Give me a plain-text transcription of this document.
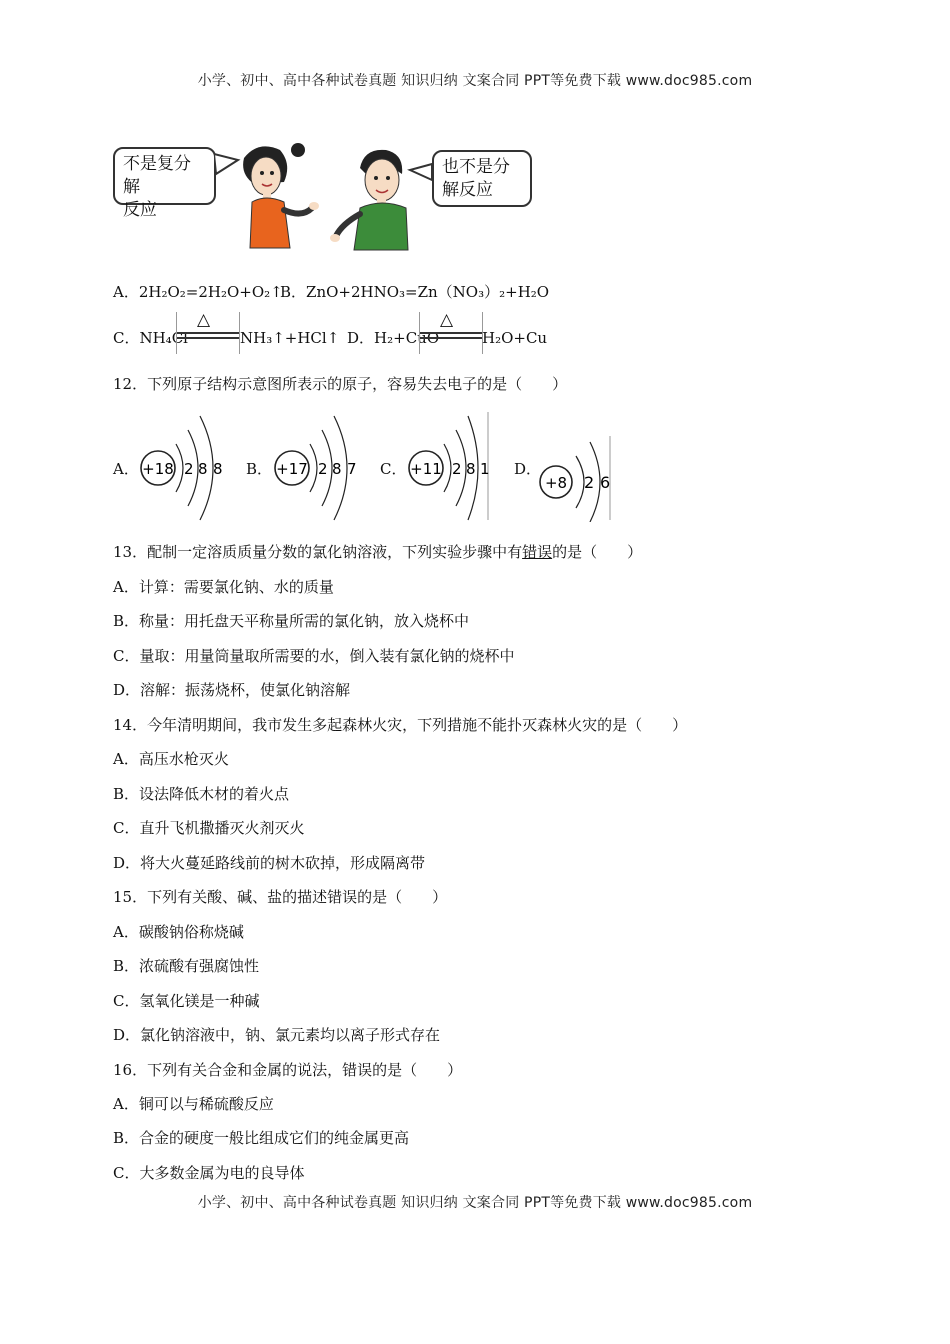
小学、初中、高中各种试卷真题 知识归纳 文案合同 PPT等免费下载 www.doc985.com
不是复分解
反应
也不是分
解反应
A．2H₂O₂=2H₂O+O₂↑
B．ZnO+2HNO₃=Zn（NO₃）₂+H₂O
C．NH₄Cl
△
NH₃↑+HCl↑ D．H₂+CuO
△
H₂O+Cu
12．下列原子结构示意图所表示的原子，容易失去电子的是（　　）
A． +18 2 8 8 B． +17 2 8 7 C． +11 2 8 1 D．
+8 2 6
13．配制一定溶质质量分数的氯化钠溶液，下列实验步骤中有错误的是（　　）
A．计算：需要氯化钠、水的质量
B．称量：用托盘天平称量所需的氯化钠，放入烧杯中
C．量取：用量筒量取所需要的水，倒入装有氯化钠的烧杯中
D．溶解：振荡烧杯，使氯化钠溶解
14．今年清明期间，我市发生多起森林火灾，下列措施不能扑灭森林火灾的是（　　）
A．高压水枪灭火
B．设法降低木材的着火点
C．直升飞机撒播灭火剂灭火
D．将大火蔓延路线前的树木砍掉，形成隔离带
15．下列有关酸、碱、盐的描述错误的是（　　）
A．碳酸钠俗称烧碱
B．浓硫酸有强腐蚀性
C．氢氧化镁是一种碱
D．氯化钠溶液中，钠、氯元素均以离子形式存在
16．下列有关合金和金属的说法，错误的是（　　）
A．铜可以与稀硫酸反应
B．合金的硬度一般比组成它们的纯金属更高
C．大多数金属为电的良导体
小学、初中、高中各种试卷真题 知识归纳 文案合同 PPT等免费下载 www.doc985.com
